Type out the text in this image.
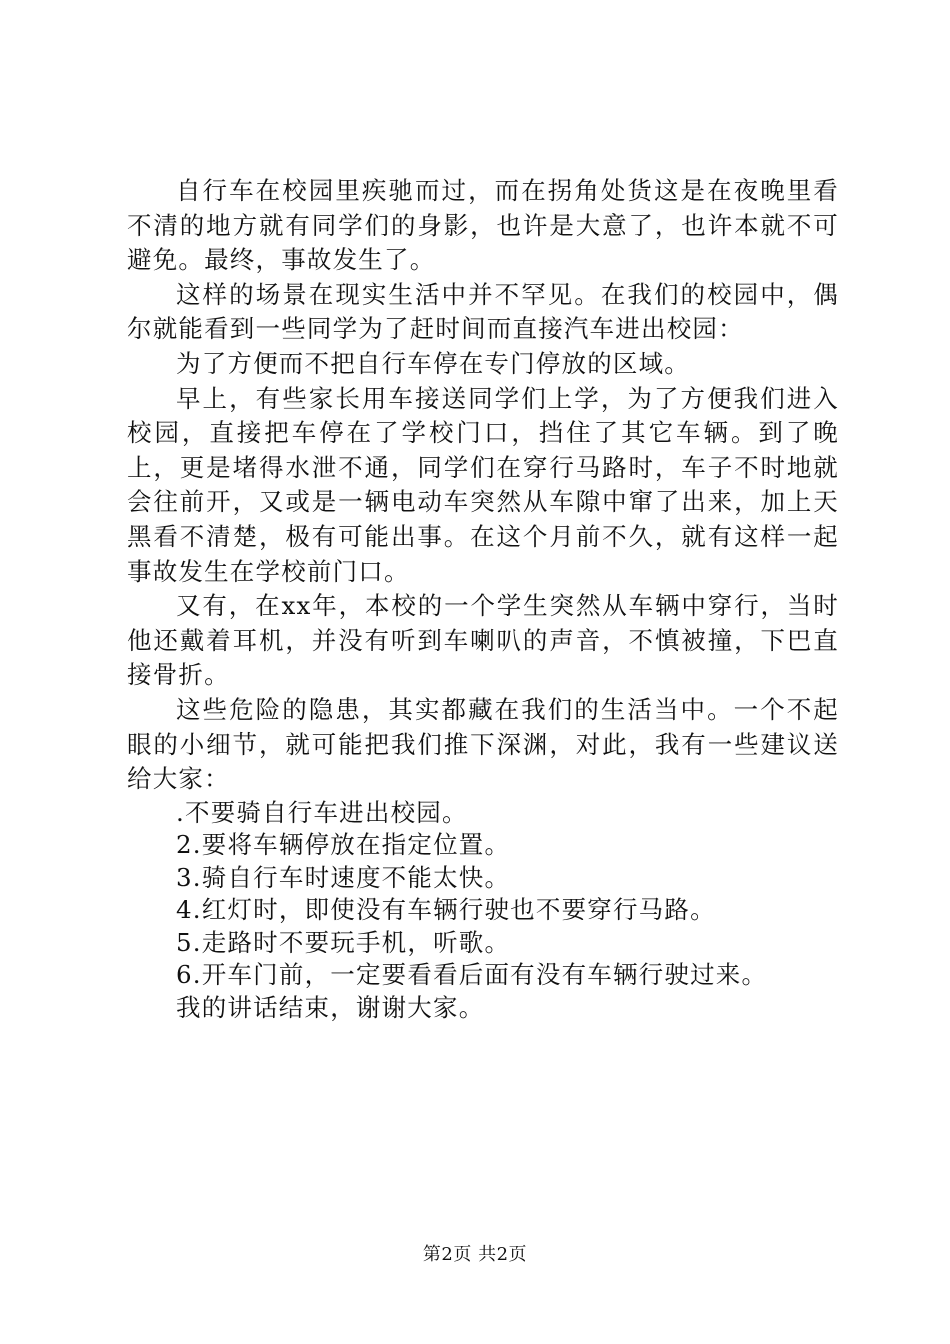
自行车在校园里疾驰而过，而在拐角处货这是在夜晚里看不清的地方就有同学们的身影，也许是大意了，也许本就不可避免。最终，事故发生了。

这样的场景在现实生活中并不罕见。在我们的校园中，偶尔就能看到一些同学为了赶时间而直接汽车进出校园：

为了方便而不把自行车停在专门停放的区域。

早上，有些家长用车接送同学们上学，为了方便我们进入校园，直接把车停在了学校门口，挡住了其它车辆。到了晚上，更是堵得水泄不通，同学们在穿行马路时，车子不时地就会往前开，又或是一辆电动车突然从车隙中窜了出来，加上天黑看不清楚，极有可能出事。在这个月前不久，就有这样一起事故发生在学校前门口。

又有，在xx年，本校的一个学生突然从车辆中穿行，当时他还戴着耳机，并没有听到车喇叭的声音，不慎被撞，下巴直接骨折。

这些危险的隐患，其实都藏在我们的生活当中。一个不起眼的小细节，就可能把我们推下深渊，对此，我有一些建议送给大家：

.不要骑自行车进出校园。

2.要将车辆停放在指定位置。

3.骑自行车时速度不能太快。

4.红灯时，即使没有车辆行驶也不要穿行马路。

5.走路时不要玩手机，听歌。

6.开车门前，一定要看看后面有没有车辆行驶过来。

我的讲话结束，谢谢大家。

第2页 共2页
